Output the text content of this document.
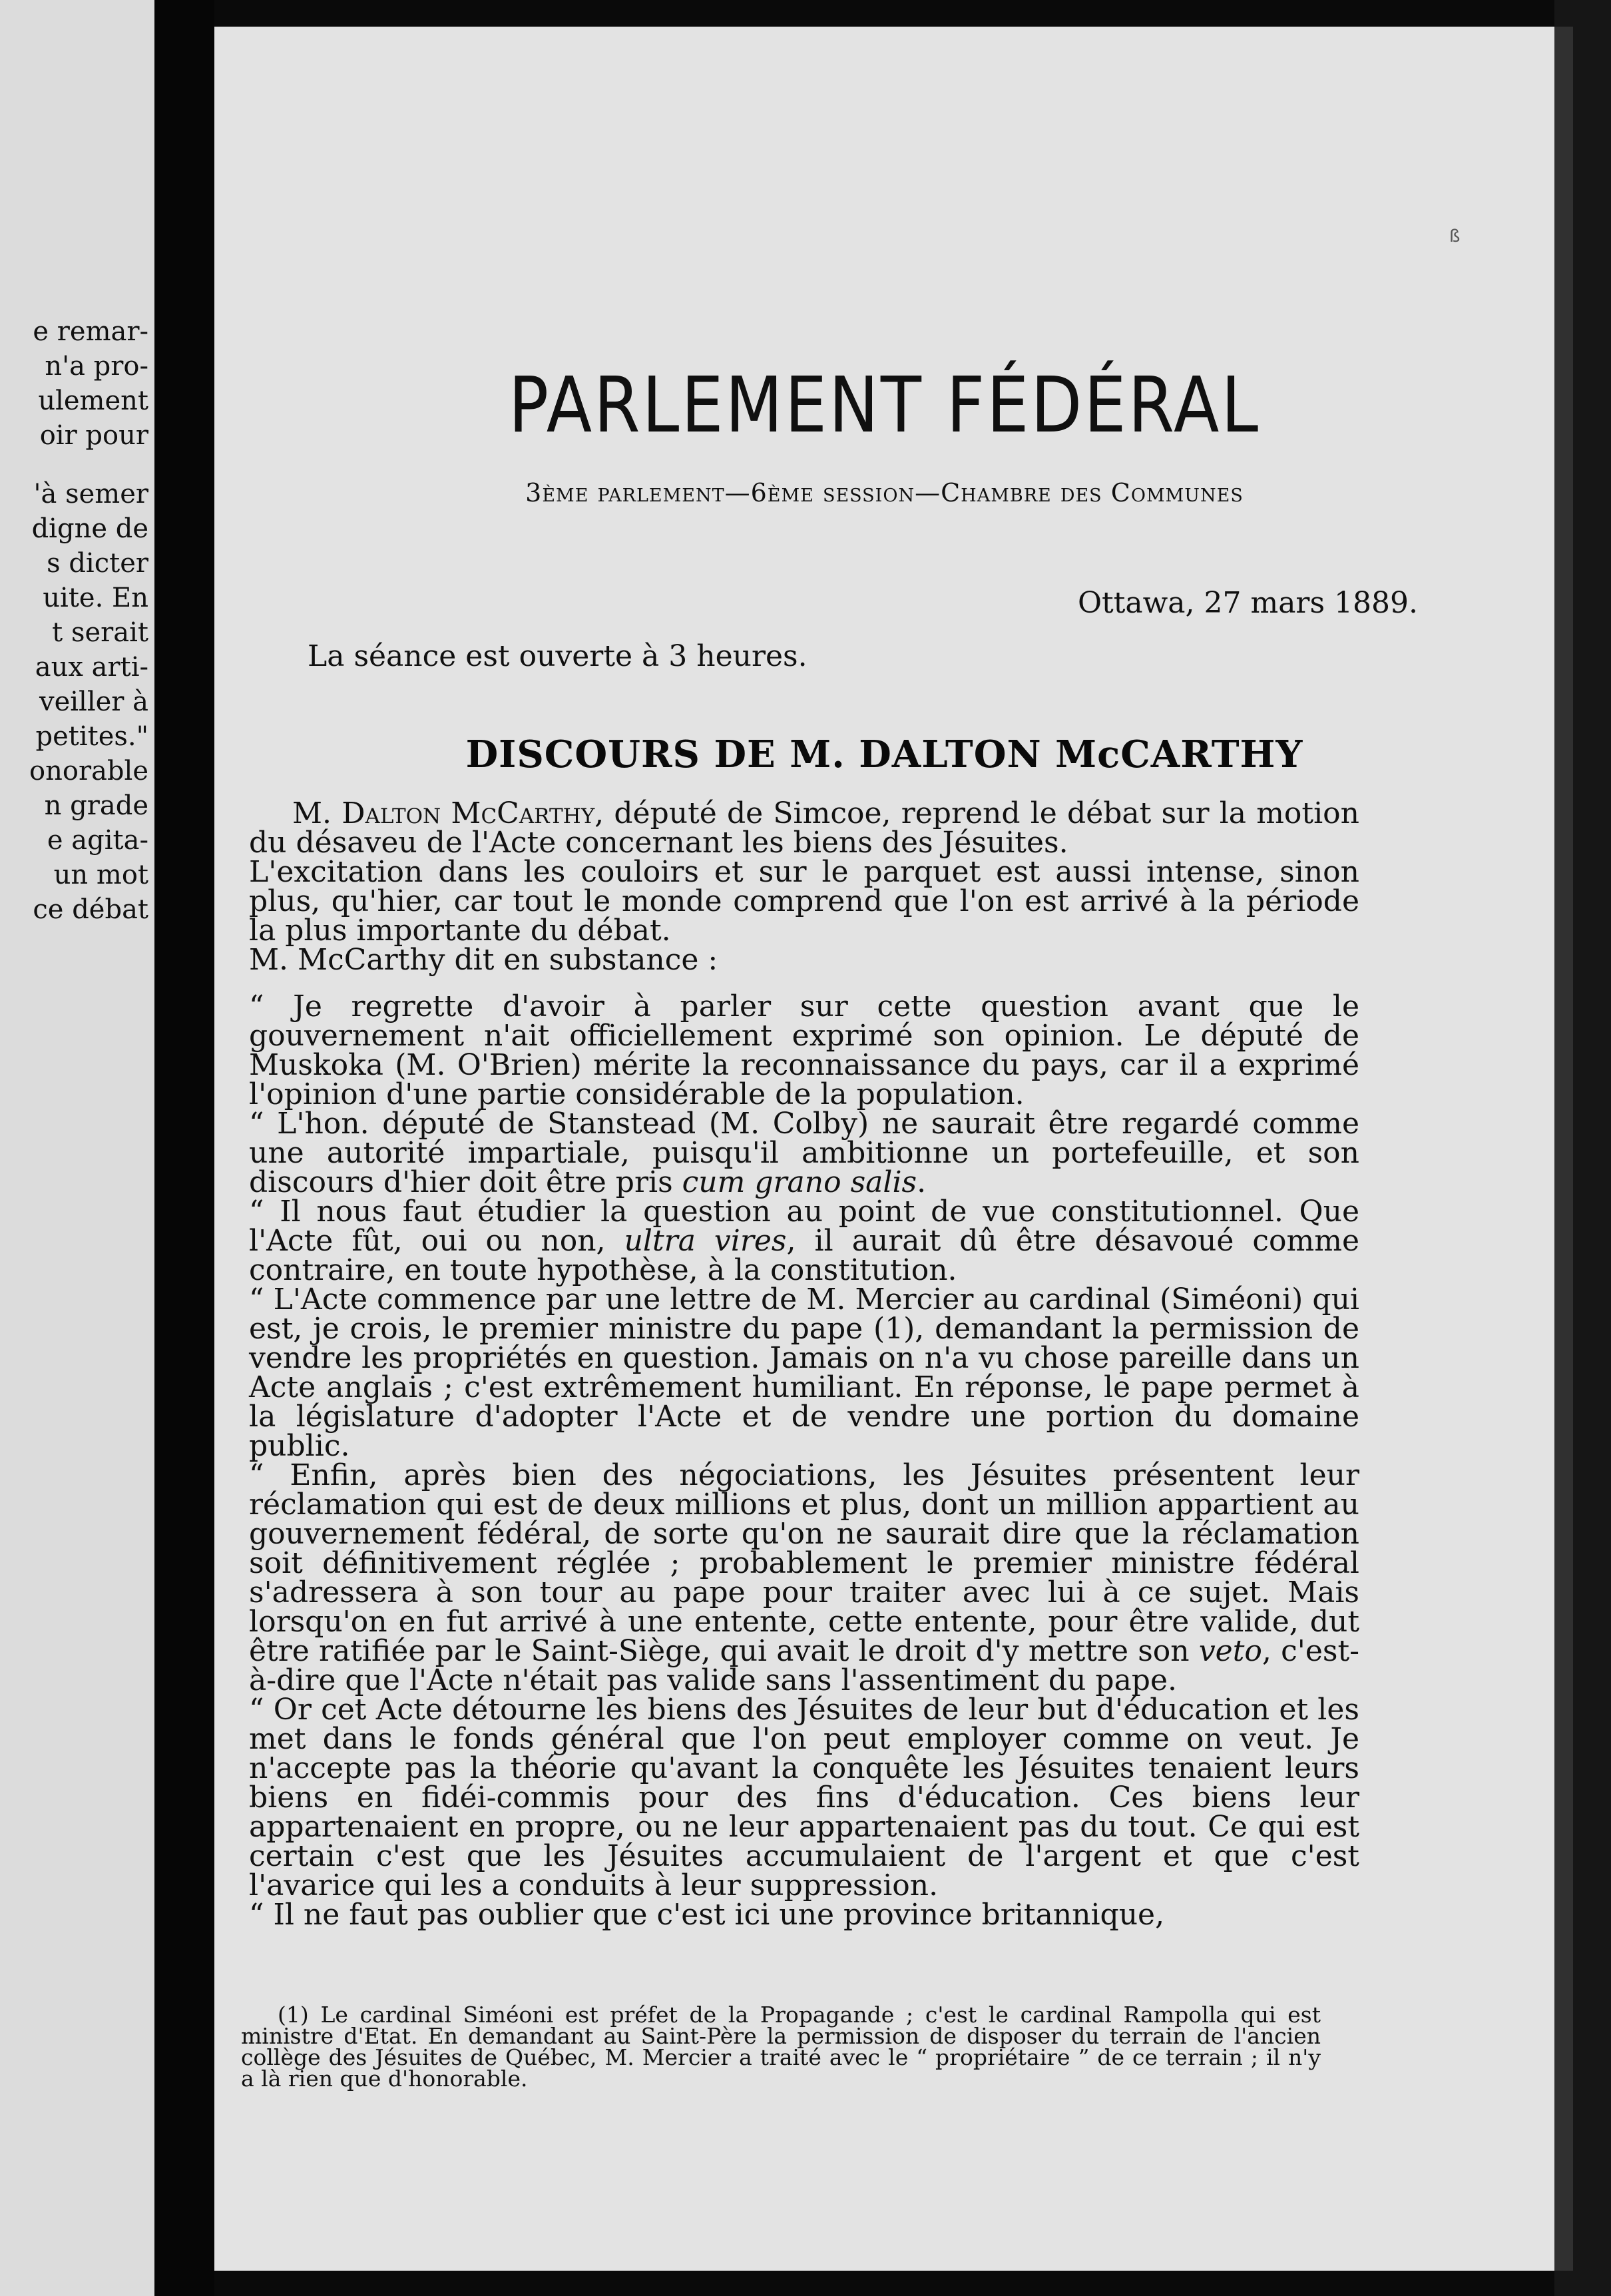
e remar-
n'a pro-
ulement
oir pour
'à semer
digne de
s dicter
uite. En
t serait
aux arti-
veiller à
petites."
onorable
n grade
e agita-
un mot
ce débat
ß
PARLEMENT FÉDÉRAL
3ème parlement—6ème session—Chambre des Communes
Ottawa, 27 mars 1889.
La séance est ouverte à 3 heures.
DISCOURS DE M. DALTON McCARTHY

M. Dalton McCarthy, député de Simcoe, reprend le débat sur la motion du désaveu de l'Acte concernant les biens des Jésuites.

L'excitation dans les couloirs et sur le parquet est aussi intense, sinon plus, qu'hier, car tout le monde comprend que l'on est arrivé à la période la plus importante du débat.

M. McCarthy dit en substance :

“ Je regrette d'avoir à parler sur cette question avant que le gouvernement n'ait officiellement exprimé son opinion. Le député de Muskoka (M. O'Brien) mérite la reconnaissance du pays, car il a exprimé l'opinion d'une partie considérable de la population.

“ L'hon. député de Stanstead (M. Colby) ne saurait être regardé comme une autorité impartiale, puisqu'il ambitionne un portefeuille, et son discours d'hier doit être pris cum grano salis.

“ Il nous faut étudier la question au point de vue constitutionnel. Que l'Acte fût, oui ou non, ultra vires, il aurait dû être désavoué comme contraire, en toute hypothèse, à la constitution.

“ L'Acte commence par une lettre de M. Mercier au cardinal (Siméoni) qui est, je crois, le premier ministre du pape (1), demandant la permission de vendre les propriétés en question. Jamais on n'a vu chose pareille dans un Acte anglais ; c'est extrêmement humiliant. En réponse, le pape permet à la législature d'adopter l'Acte et de vendre une portion du domaine public.

“ Enfin, après bien des négociations, les Jésuites présentent leur réclamation qui est de deux millions et plus, dont un million appartient au gouvernement fédéral, de sorte qu'on ne saurait dire que la réclamation soit définitivement réglée ; probablement le premier ministre fédéral s'adressera à son tour au pape pour traiter avec lui à ce sujet. Mais lorsqu'on en fut arrivé à une entente, cette entente, pour être valide, dut être ratifiée par le Saint-Siège, qui avait le droit d'y mettre son veto, c'est-à-dire que l'Acte n'était pas valide sans l'assentiment du pape.

“ Or cet Acte détourne les biens des Jésuites de leur but d'éducation et les met dans le fonds général que l'on peut employer comme on veut. Je n'accepte pas la théorie qu'avant la conquête les Jésuites tenaient leurs biens en fidéi-commis pour des fins d'éducation. Ces biens leur appartenaient en propre, ou ne leur appartenaient pas du tout. Ce qui est certain c'est que les Jésuites accumulaient de l'argent et que c'est l'avarice qui les a conduits à leur suppression.

“ Il ne faut pas oublier que c'est ici une province britannique,

(1) Le cardinal Siméoni est préfet de la Propagande ; c'est le cardinal Rampolla qui est ministre d'Etat. En demandant au Saint-Père la permission de disposer du terrain de l'ancien collège des Jésuites de Québec, M. Mercier a traité avec le “ propriétaire ” de ce terrain ; il n'y a là rien que d'honorable.
